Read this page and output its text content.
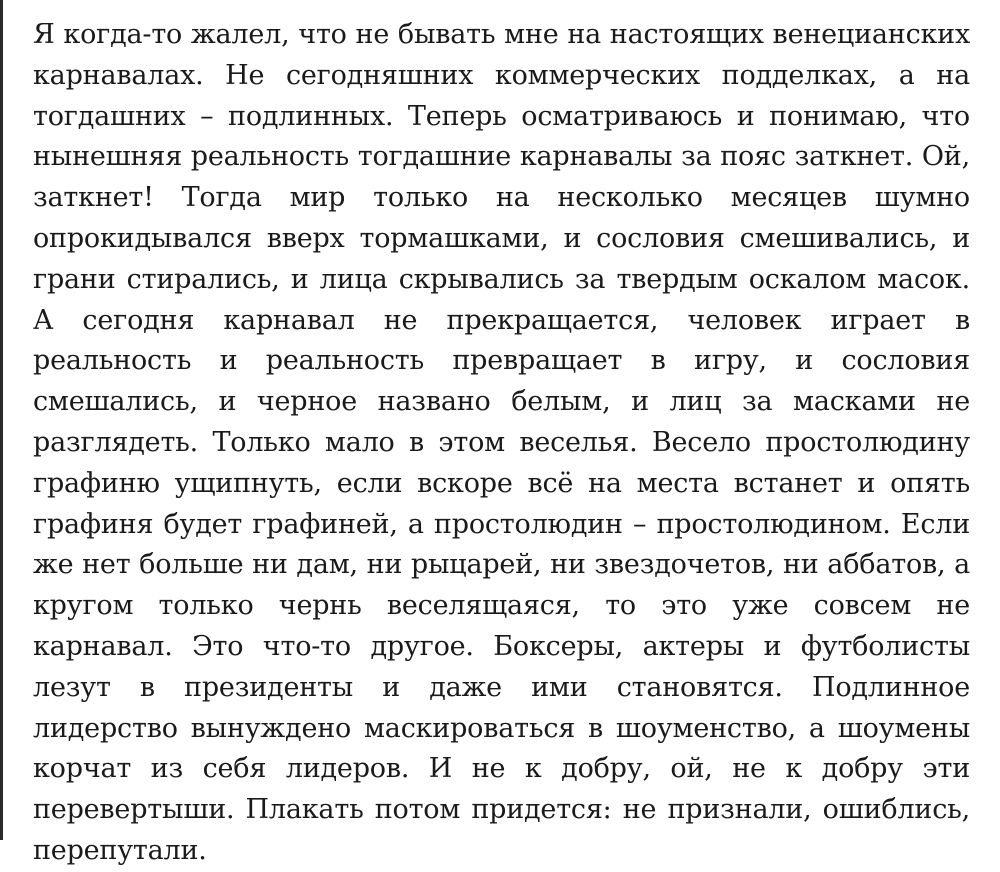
Я когда-то жалел, что не бывать мне на настоящих венецианских карнавалах. Не сегодняшних коммерческих подделках, а на тогдашних – подлинных. Теперь осматриваюсь и понимаю, что нынешняя реальность тогдашние карнавалы за пояс заткнет. Ой, заткнет! Тогда мир только на несколько месяцев шумно опрокидывался вверх тормашками, и сословия смешивались, и грани стирались, и лица скрывались за твердым оскалом масок. А сегодня карнавал не прекращается, человек играет в реальность и реальность превращает в игру, и сословия смешались, и черное названо белым, и лиц за масками не разглядеть. Только мало в этом веселья. Весело простолюдину графиню ущипнуть, если вскоре всё на места встанет и опять графиня будет графиней, а простолюдин – простолюдином. Если же нет больше ни дам, ни рыцарей, ни звездочетов, ни аббатов, а кругом только чернь веселящаяся, то это уже совсем не карнавал. Это что-то другое. Боксеры, актеры и футболисты лезут в президенты и даже ими становятся. Подлинное лидерство вынуждено маскироваться в шоуменство, а шоумены корчат из себя лидеров. И не к добру, ой, не к добру эти перевертыши. Плакать потом придется: не признали, ошиблись, перепутали.
